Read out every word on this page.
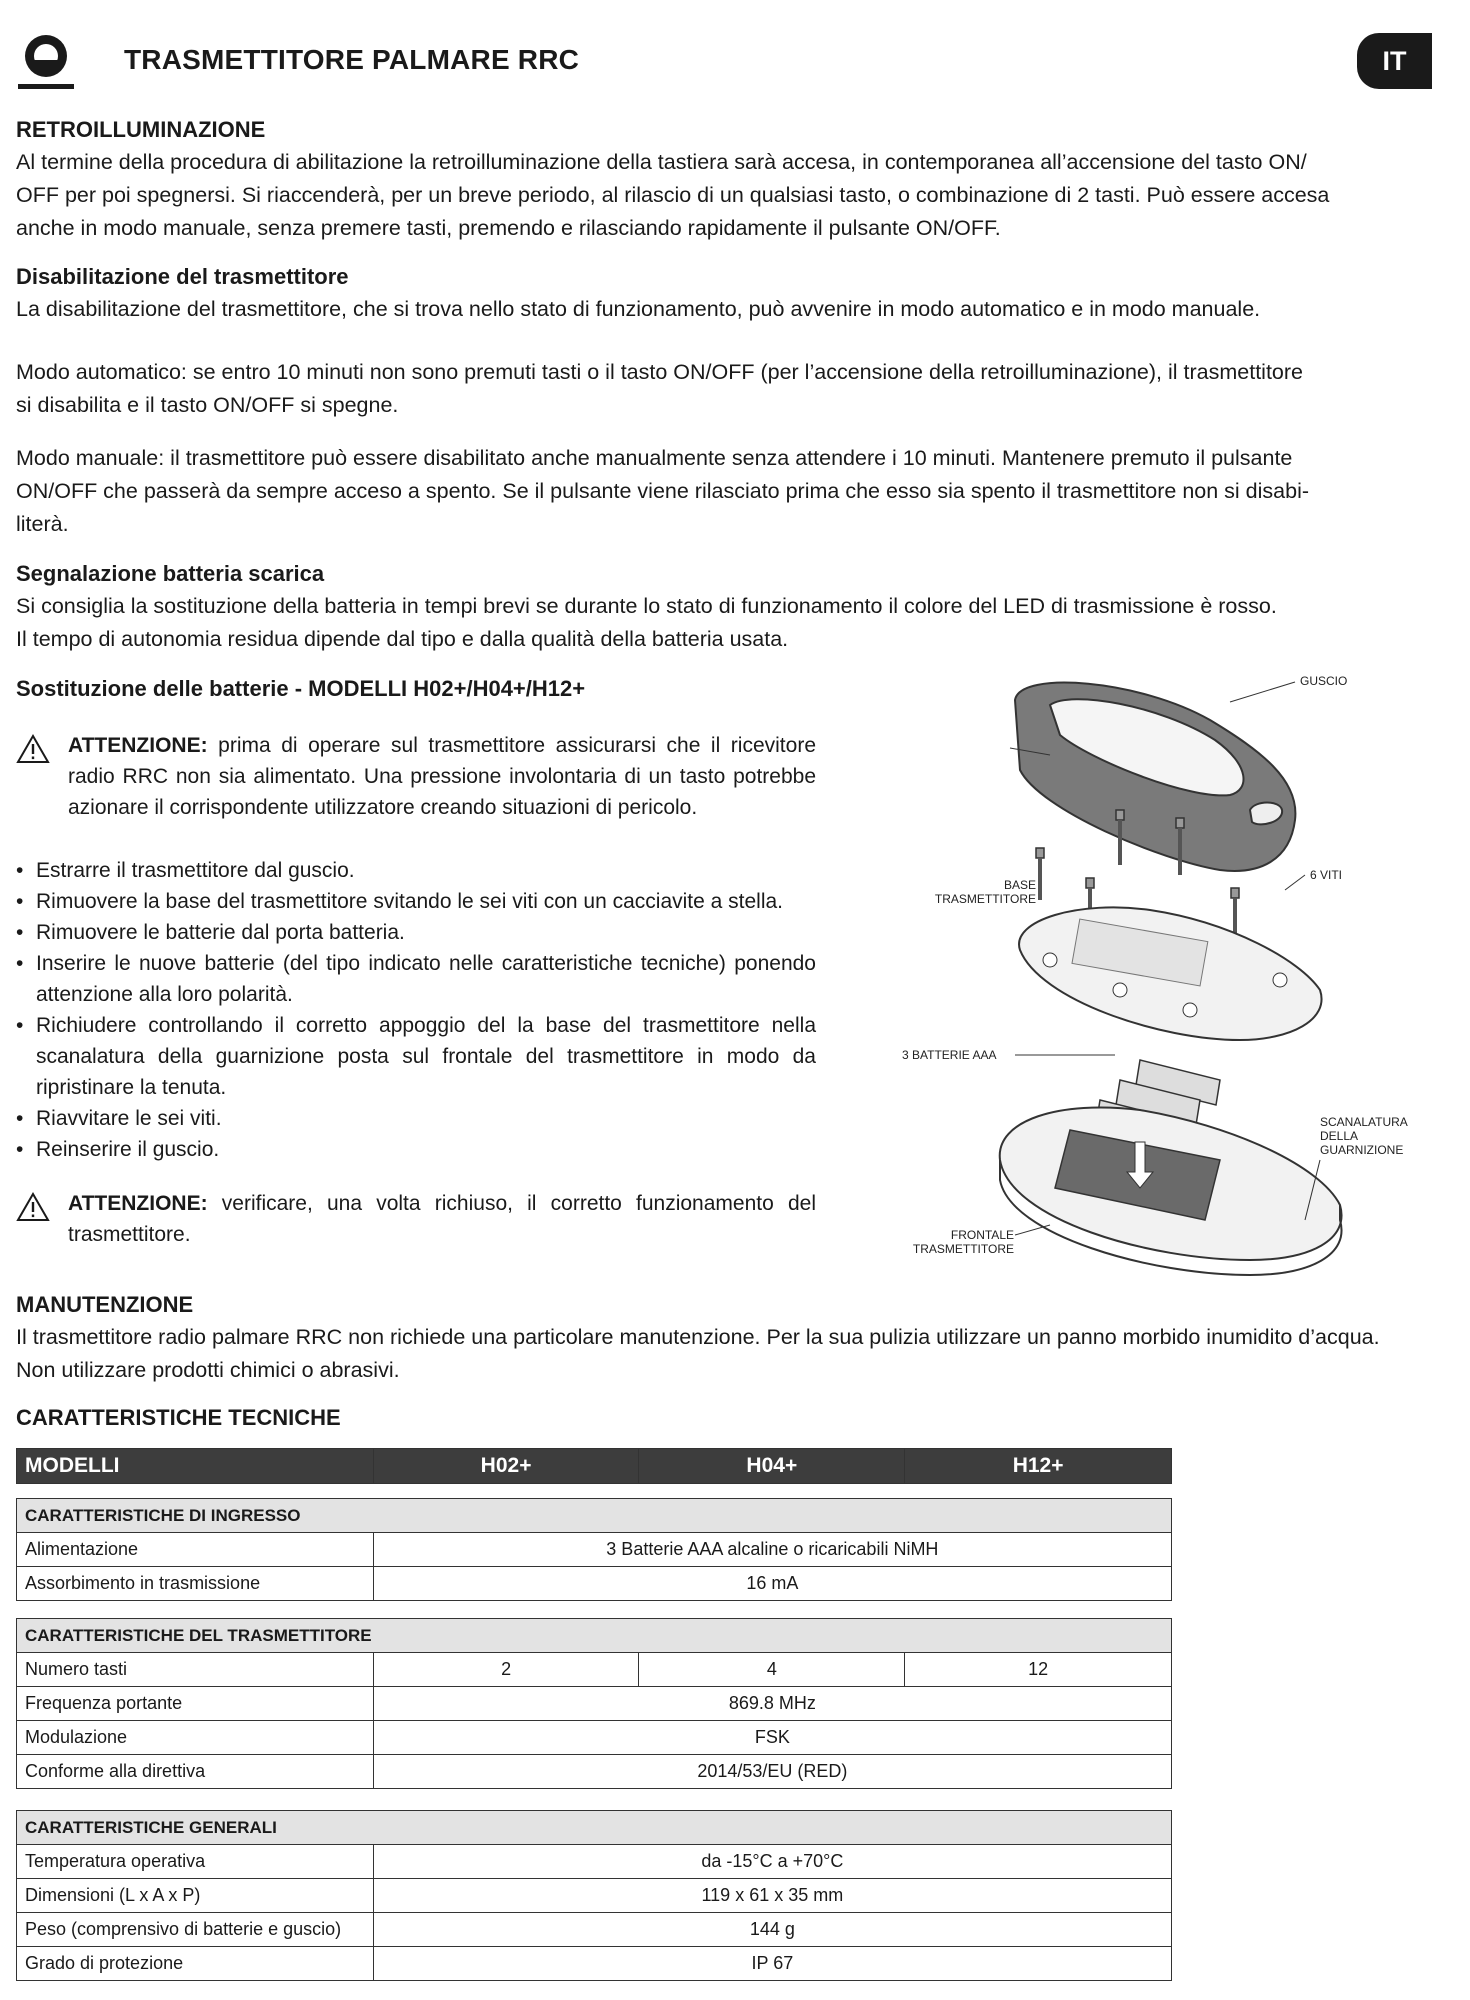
TRASMETTITORE PALMARE RRC	IT
RETROILLUMINAZIONE

Al termine della procedura di abilitazione la retroilluminazione della tastiera sarà accesa, in contemporanea all’accensione del tasto ON/

OFF per poi spegnersi. Si riaccenderà, per un breve periodo, al rilascio di un qualsiasi tasto, o combinazione di 2 tasti. Può essere accesa

anche in modo manuale, senza premere tasti, premendo e rilasciando rapidamente il pulsante ON/OFF.

Disabilitazione del trasmettitore

La disabilitazione del trasmettitore, che si trova nello stato di funzionamento, può avvenire in modo automatico e in modo manuale.

Modo automatico: se entro 10 minuti non sono premuti tasti o il tasto ON/OFF (per l’accensione della retroilluminazione), il trasmettitore

si disabilita e il tasto ON/OFF si spegne.

Modo manuale: il trasmettitore può essere disabilitato anche manualmente senza attendere i 10 minuti. Mantenere premuto il pulsante

ON/OFF che passerà da sempre acceso a spento. Se il pulsante viene rilasciato prima che esso sia spento il trasmettitore non si disabi-

literà.

Segnalazione batteria scarica

Si consiglia la sostituzione della batteria in tempi brevi se durante lo stato di funzionamento il colore del LED di trasmissione è rosso.

Il tempo di autonomia residua dipende dal tipo e dalla qualità della batteria usata.

Sostituzione delle batterie - MODELLI H02+/H04+/H12+
ATTENZIONE: prima di operare sul trasmettitore assicurarsi che il ricevitore radio RRC non sia alimentato. Una pressione involontaria di un tasto potrebbe azionare il corrispondente utilizzatore creando situazioni di pericolo.
• Estrarre il trasmettitore dal guscio.
• Rimuovere la base del trasmettitore svitando le sei viti con un cacciavite a stella.
• Rimuovere le batterie dal porta batteria.
• Inserire le nuove batterie (del tipo indicato nelle caratteristiche tecniche) ponendo attenzione alla loro polarità.
• Richiudere controllando il corretto appoggio del la base del trasmettitore nella scanalatura della guarnizione posta sul frontale del trasmettitore in modo da ripristinare la tenuta.
• Riavvitare le sei viti.
• Reinserire il guscio.
ATTENZIONE: verificare, una volta richiuso, il corretto funzionamento del trasmettitore.
GUSCIO
BASE
TRASMETTITORE
6 VITI
3 BATTERIE AAA
SCANALATURA
DELLA
GUARNIZIONE
FRONTALE
TRASMETTITORE
MANUTENZIONE

Il trasmettitore radio palmare RRC non richiede una particolare manutenzione. Per la sua pulizia utilizzare un panno morbido inumidito d’acqua.

Non utilizzare prodotti chimici o abrasivi.

CARATTERISTICHE TECNICHE
MODELLI	H02+	H04+	H12+
CARATTERISTICHE DI INGRESSO	
Alimentazione	3 Batterie AAA alcaline o ricaricabili NiMH
Assorbimento in trasmissione	16 mA
CARATTERISTICHE DEL TRASMETTITORE			
Numero tasti	2	4	12
Frequenza portante	869.8 MHz		
Modulazione	FSK		
Conforme alla direttiva	2014/53/EU (RED)		
CARATTERISTICHE GENERALI	
Temperatura operativa	da -15°C a +70°C
Dimensioni (L x A x P)	119 x 61 x 35 mm
Peso (comprensivo di batterie e guscio)	144 g
Grado di protezione	IP 67
